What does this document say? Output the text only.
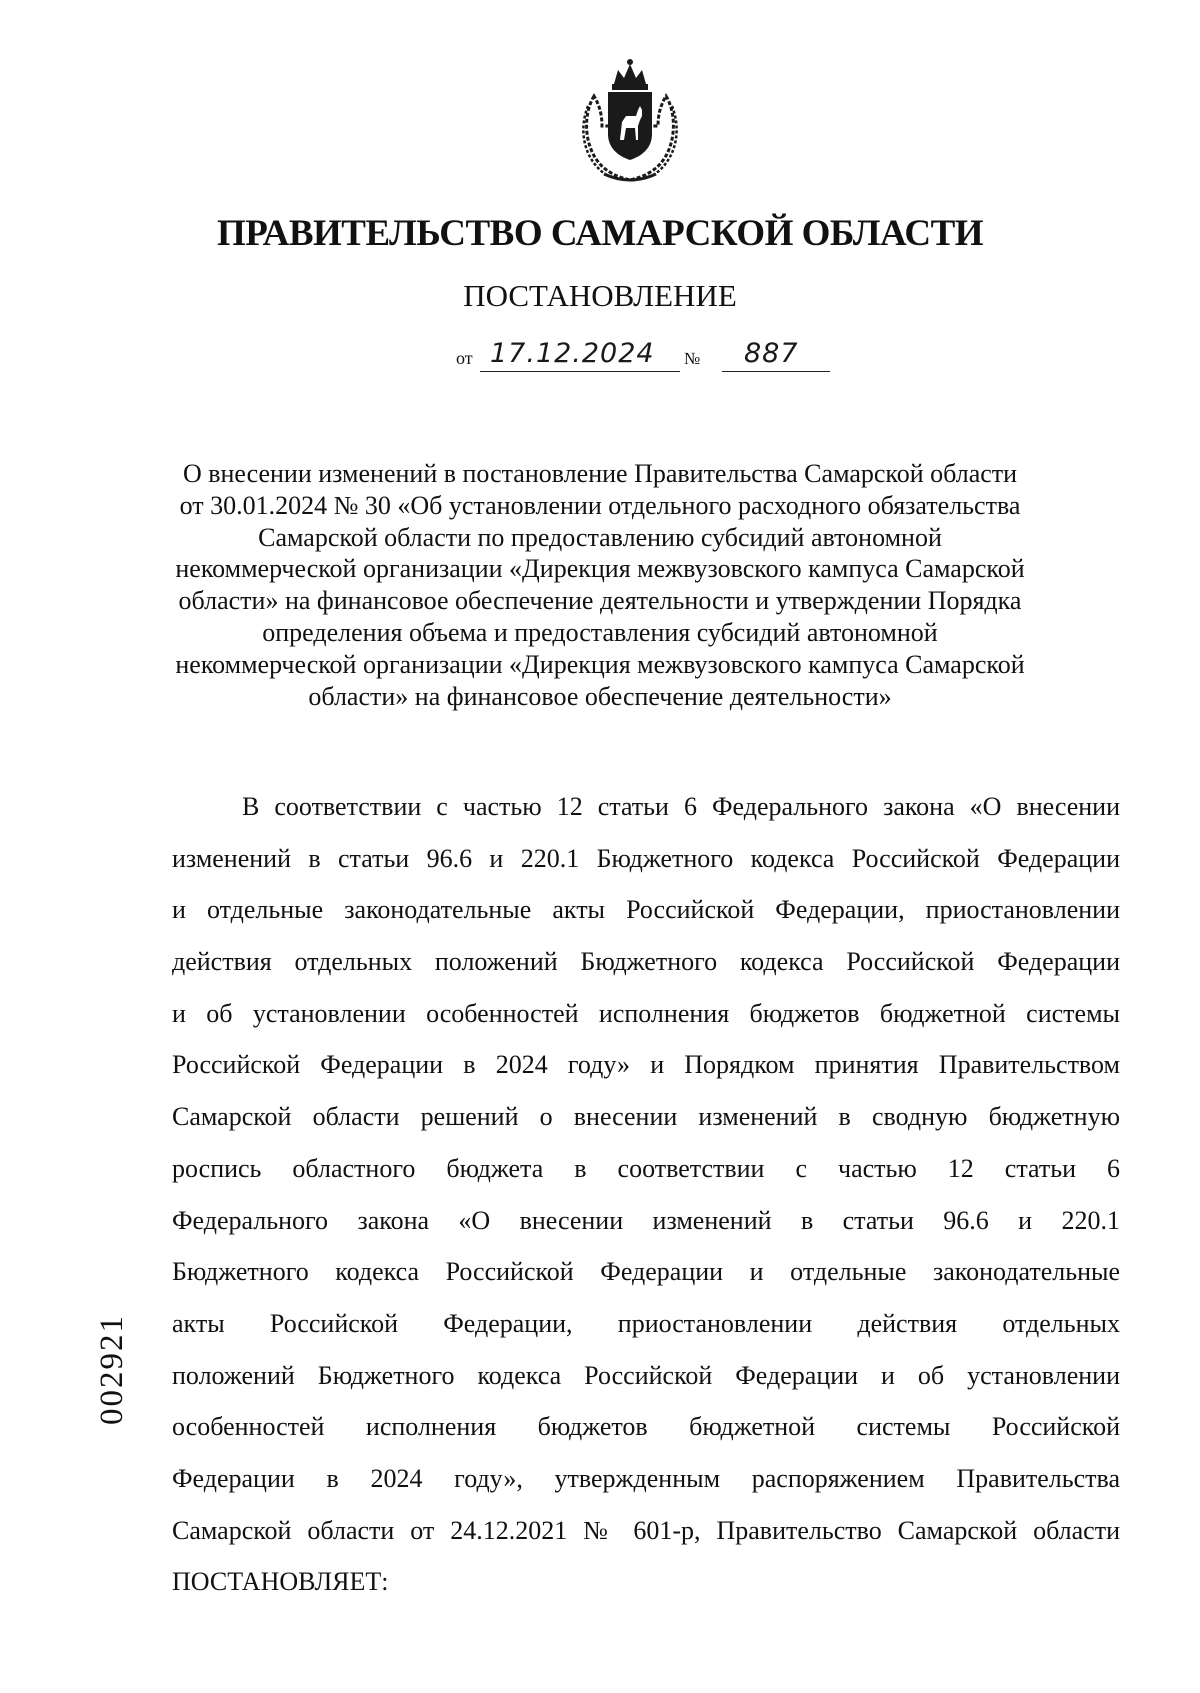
ПРАВИТЕЛЬСТВО САМАРСКОЙ ОБЛАСТИ
ПОСТАНОВЛЕНИЕ
от 17.12.2024 № 887
О внесении изменений в постановление Правительства Самарской области
от 30.01.2024 № 30 «Об установлении отдельного расходного обязательства
Самарской области по предоставлению субсидий автономной
некоммерческой организации «Дирекция межвузовского кампуса Самарской
области» на финансовое обеспечение деятельности и утверждении Порядка
определения объема и предоставления субсидий автономной
некоммерческой организации «Дирекция межвузовского кампуса Самарской
области» на финансовое обеспечение деятельности»
В соответствии с частью 12 статьи 6 Федерального закона «О внесении
изменений в статьи 96.6 и 220.1 Бюджетного кодекса Российской Федерации
и отдельные законодательные акты Российской Федерации, приостановлении
действия отдельных положений Бюджетного кодекса Российской Федерации
и об установлении особенностей исполнения бюджетов бюджетной системы
Российской Федерации в 2024 году» и Порядком принятия Правительством
Самарской области решений о внесении изменений в сводную бюджетную
роспись областного бюджета в соответствии с частью 12 статьи 6
Федерального закона «О внесении изменений в статьи 96.6 и 220.1
Бюджетного кодекса Российской Федерации и отдельные законодательные
акты Российской Федерации, приостановлении действия отдельных
положений Бюджетного кодекса Российской Федерации и об установлении
особенностей исполнения бюджетов бюджетной системы Российской
Федерации в 2024 году», утвержденным распоряжением Правительства
Самарской области от 24.12.2021 № 601-р, Правительство Самарской области
ПОСТАНОВЛЯЕТ:
002921
